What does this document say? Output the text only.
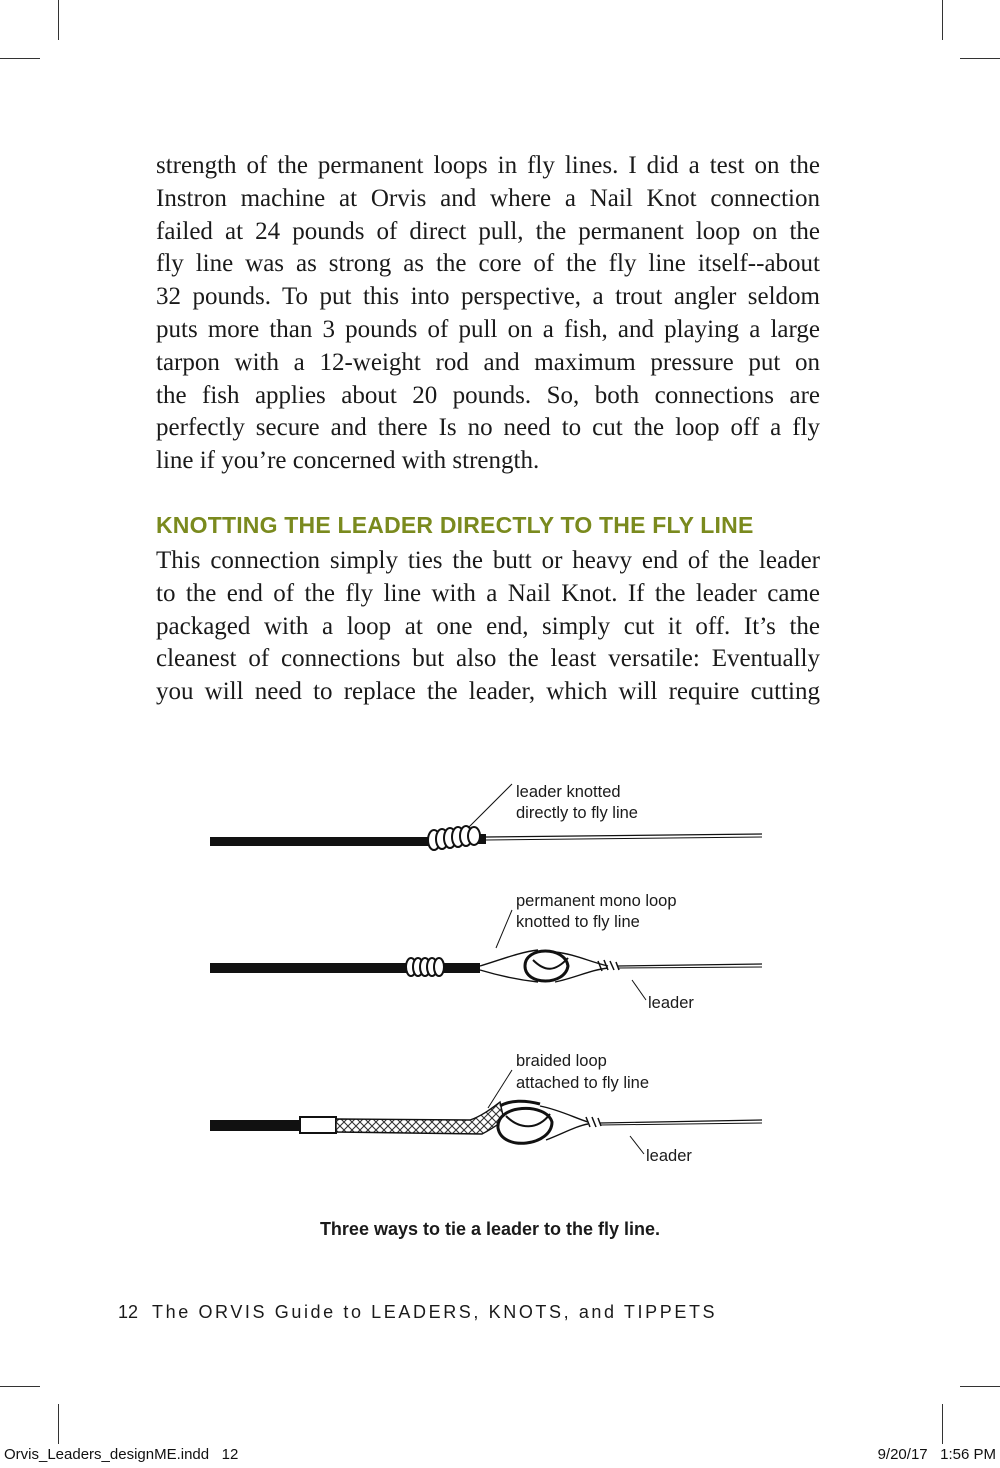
strength of the permanent loops in fly lines. I did a test on the
Instron machine at Orvis and where a Nail Knot connection
failed at 24 pounds of direct pull, the permanent loop on the
fly line was as strong as the core of the fly line itself--about
32 pounds. To put this into perspective, a trout angler seldom
puts more than 3 pounds of pull on a fish, and playing a large
tarpon with a 12-weight rod and maximum pressure put on
the fish applies about 20 pounds. So, both connections are
perfectly secure and there Is no need to cut the loop off a fly
line if you’re concerned with strength.

KNOTTING THE LEADER DIRECTLY TO THE FLY LINE

This connection simply ties the butt or heavy end of the leader
to the end of the fly line with a Nail Knot. If the leader came
packaged with a loop at one end, simply cut it off. It’s the
cleanest of connections but also the least versatile: Eventually
you will need to replace the leader, which will require cutting

leader knotted
directly to fly line
permanent mono loop
knotted to fly line
leader
braided loop
attached to fly line
leader

Three ways to tie a leader to the fly line.

12 The ORVIS Guide to LEADERS, KNOTS, and TIPPETS
Orvis_Leaders_designME.indd   12	9/20/17   1:56 PM
